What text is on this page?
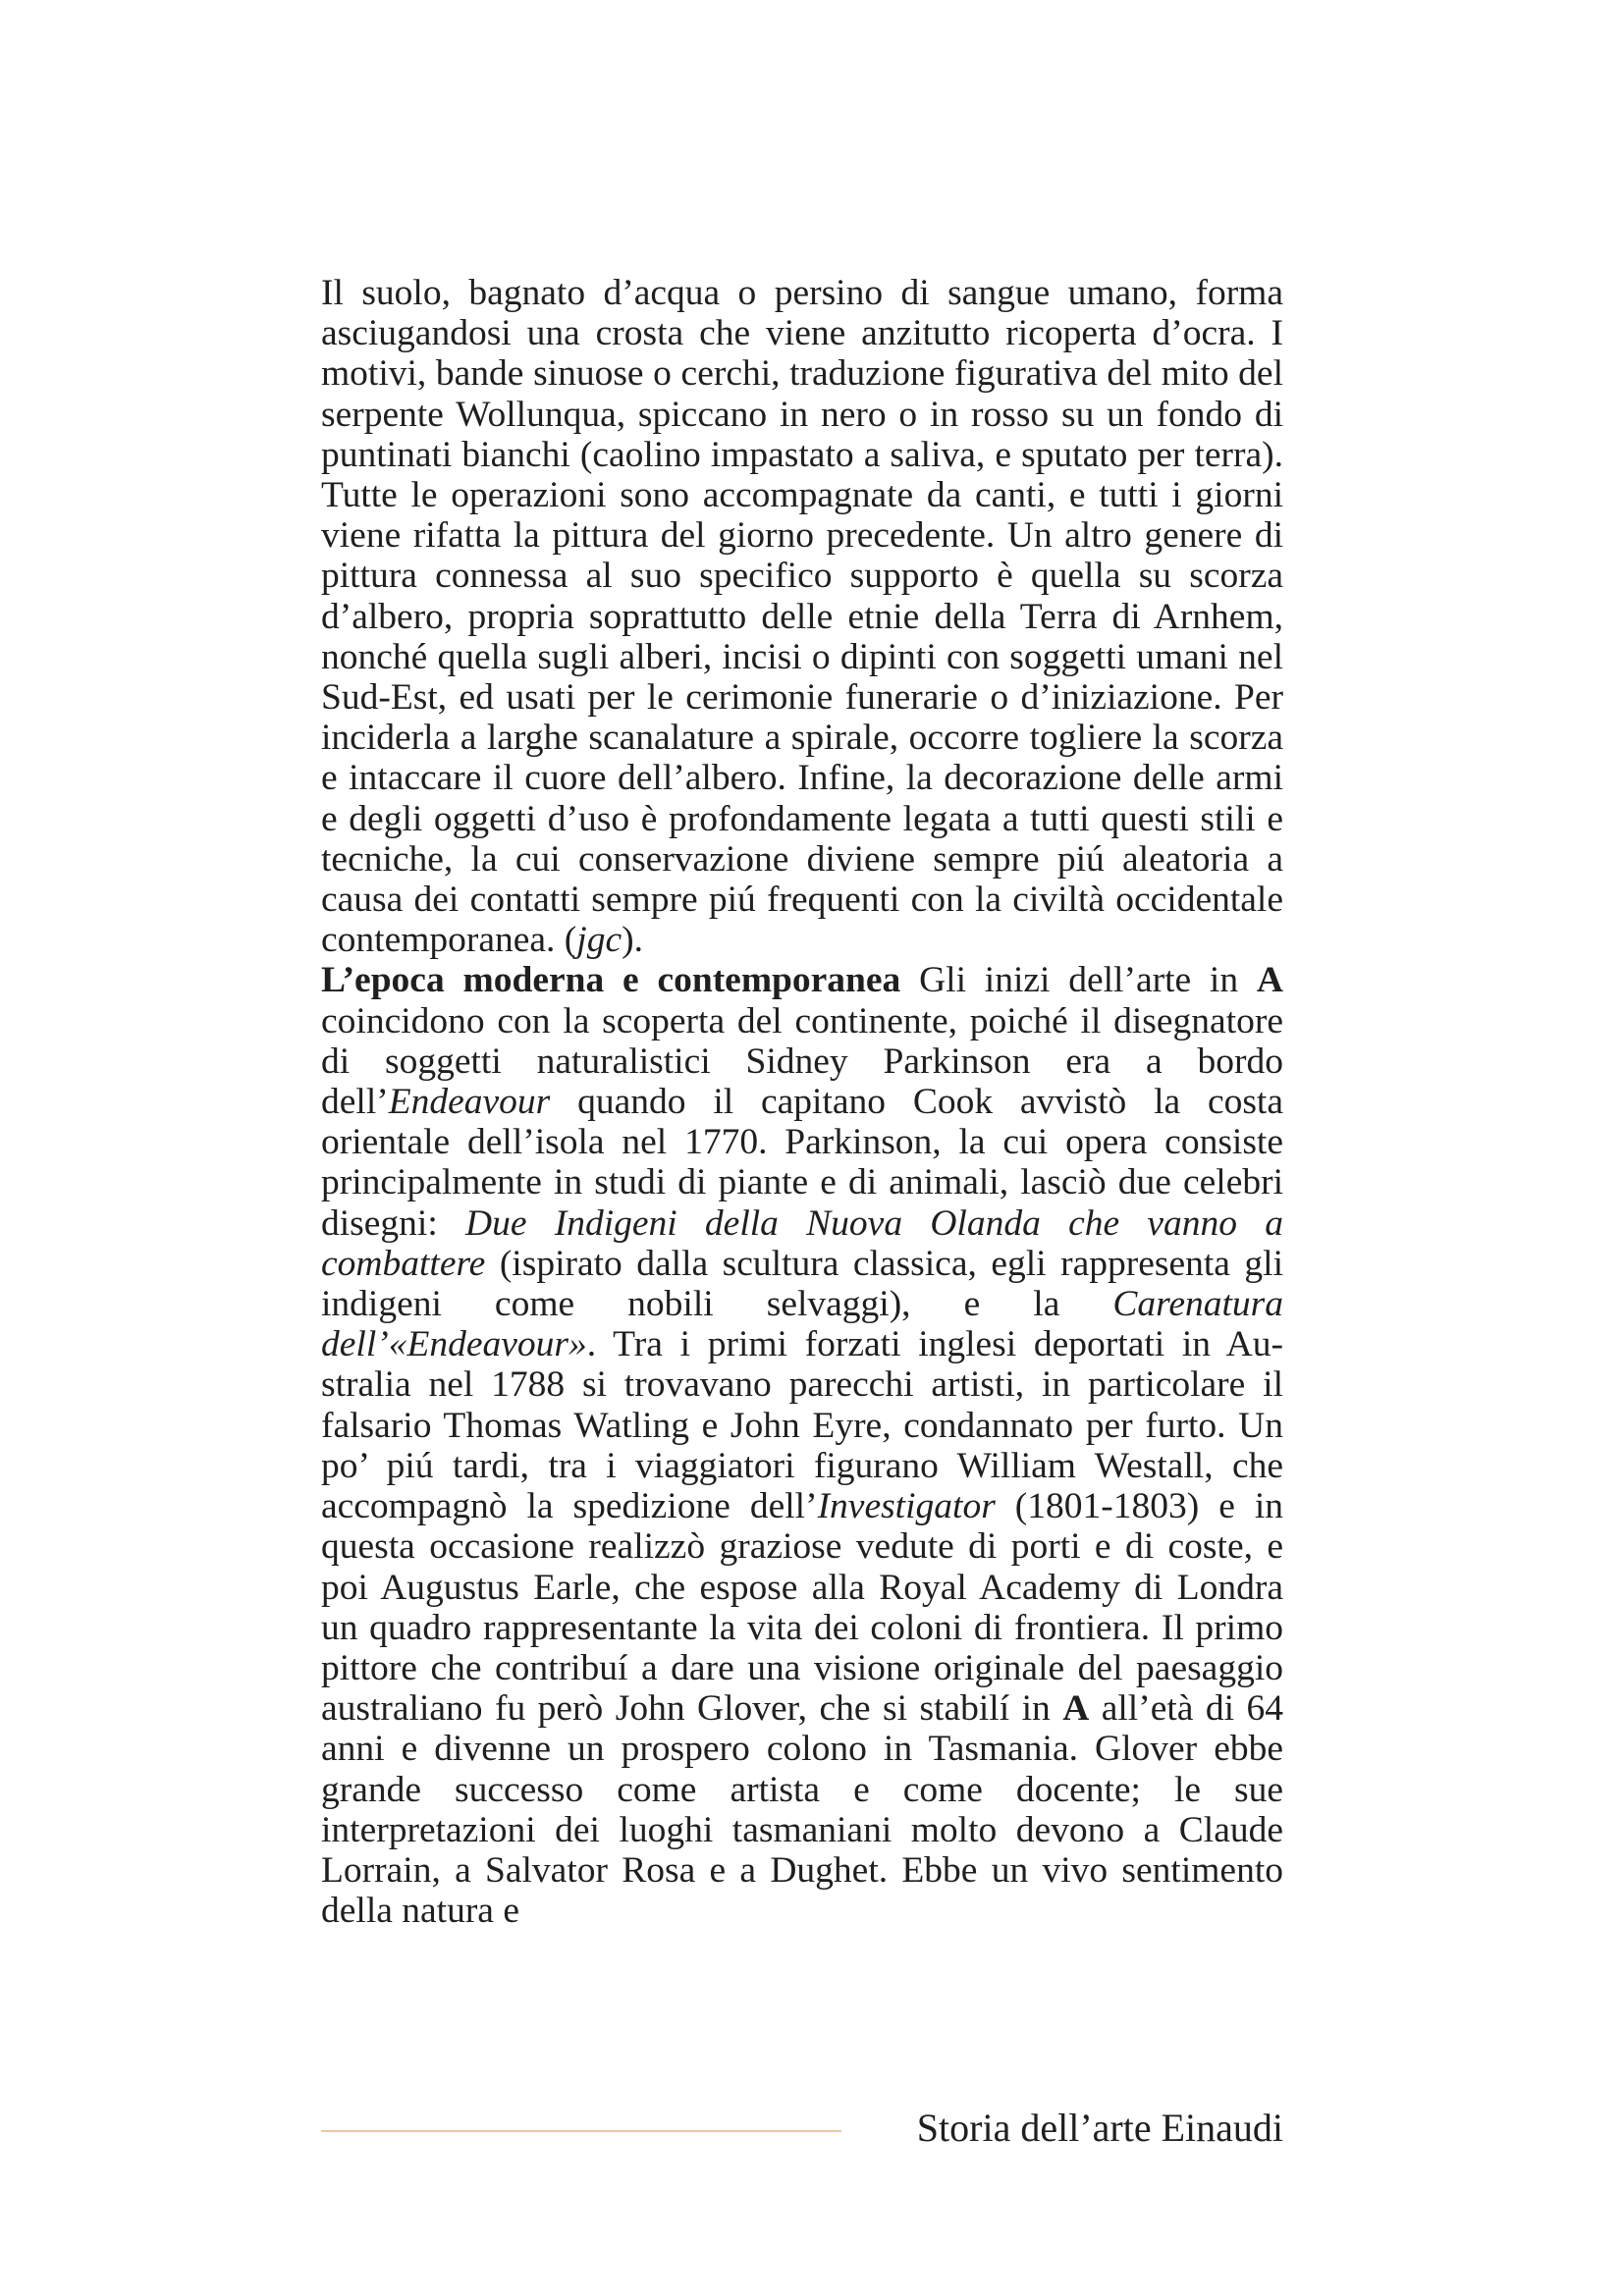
Il suolo, bagnato d’acqua o persino di sangue umano, forma asciugandosi una crosta che viene anzitutto ricoperta d’ocra. I motivi, bande sinuose o cerchi, traduzione figurativa del mito del serpente Wollunqua, spiccano in nero o in rosso su un fondo di puntinati bianchi (caolino impastato a saliva, e sputato per terra). Tutte le operazioni sono accompagnate da canti, e tutti i giorni viene rifatta la pittura del giorno precedente. Un altro genere di pittura connessa al suo specifico supporto è quella su scorza d’albero, propria soprattutto delle etnie della Terra di Arnhem, nonché quella sugli alberi, incisi o dipinti con soggetti umani nel Sud-Est, ed usati per le cerimonie funerarie o d’iniziazione. Per inciderla a larghe scanalature a spirale, occorre togliere la scorza e intaccare il cuore dell’albero. Infine, la decorazione delle armi e degli oggetti d’uso è profondamente legata a tutti questi stili e tecniche, la cui conservazione diviene sempre piú aleatoria a causa dei contatti sempre piú frequenti con la civiltà occidentale contemporanea. (jgc).

L’epoca moderna e contemporanea Gli inizi dell’arte in A coincidono con la scoperta del continente, poiché il disegnatore di soggetti naturalistici Sidney Parkinson era a bordo dell’Endeavour quando il capitano Cook avvistò la costa orientale dell’isola nel 1770. Parkinson, la cui opera consiste principalmente in studi di piante e di animali, lasciò due celebri disegni: Due Indigeni della Nuova Olanda che vanno a combattere (ispirato dalla scultura classica, egli rappresenta gli indigeni come nobili selvaggi), e la Carenatura dell’«Endeavour». Tra i primi forzati inglesi deportati in Australia nel 1788 si trovavano parecchi artisti, in particolare il falsario Thomas Watling e John Eyre, condannato per furto. Un po’ piú tardi, tra i viaggiatori figurano William Westall, che accompagnò la spedizione dell’Investigator (1801-1803) e in questa occasione realizzò graziose vedute di porti e di coste, e poi Augustus Earle, che espose alla Royal Academy di Londra un quadro rappresentante la vita dei coloni di frontiera. Il primo pittore che contribuí a dare una visione originale del paesaggio australiano fu però John Glover, che si stabilí in A all’età di 64 anni e divenne un prospero colono in Tasmania. Glover ebbe grande successo come artista e come docente; le sue interpretazioni dei luoghi tasmaniani molto devono a Claude Lorrain, a Salvator Rosa e a Dughet. Ebbe un vivo sentimento della natura e

Storia dell’arte Einaudi
